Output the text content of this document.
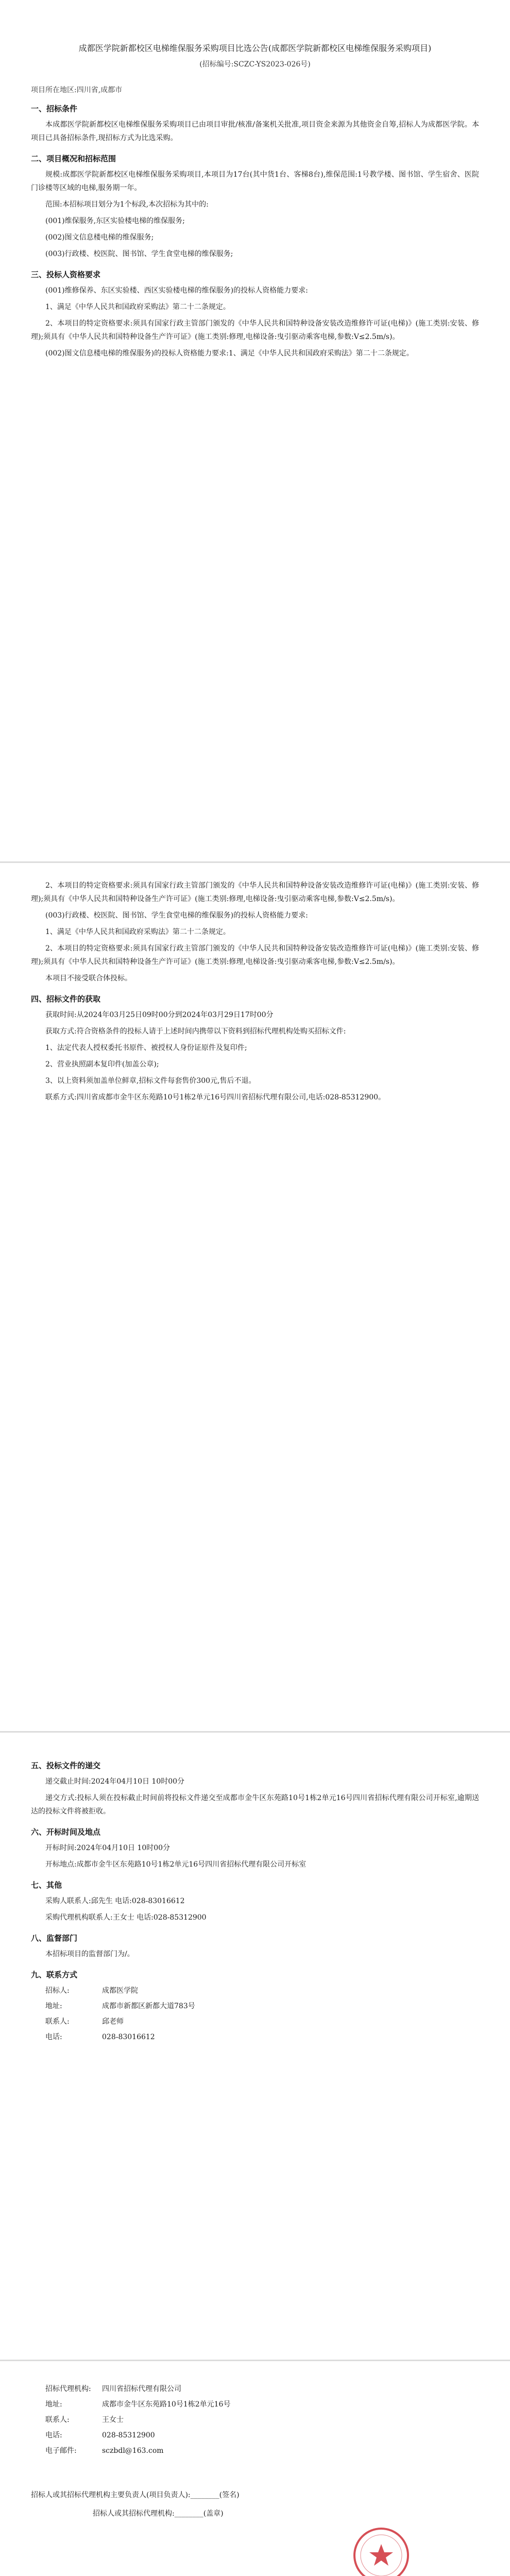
成都医学院新都校区电梯维保服务采购项目比选公告(成都医学院新都校区电梯维保服务采购项目)
(招标编号:SCZC-YS2023-026号)
项目所在地区:四川省,成都市
一、招标条件

本成都医学院新都校区电梯维保服务采购项目已由项目审批/核准/备案机关批准,项目资金来源为其他资金自筹,招标人为成都医学院。本项目已具备招标条件,现招标方式为比选采购。

二、项目概况和招标范围

规模:成都医学院新都校区电梯维保服务采购项目,本项目为17台(其中货1台、客梯8台),维保范围:1号教学楼、图书馆、学生宿舍、医院门诊楼等区域的电梯,服务期一年。

范围:本招标项目划分为1个标段,本次招标为其中的:

(001)维保服务,东区实验楼电梯的维保服务;

(002)图文信息楼电梯的维保服务;

(003)行政楼、校医院、图书馆、学生食堂电梯的维保服务;

三、投标人资格要求

(001)维修保养、东区实验楼、西区实验楼电梯的维保服务)的投标人资格能力要求:

1、满足《中华人民共和国政府采购法》第二十二条规定。

2、本项目的特定资格要求:须具有国家行政主管部门颁发的《中华人民共和国特种设备安装改造维修许可证(电梯)》(施工类别:安装、修理);须具有《中华人民共和国特种设备生产许可证》(施工类别:修理,电梯设备:曳引驱动乘客电梯,参数:V≤2.5m/s)。

(002)图文信息楼电梯的维保服务)的投标人资格能力要求:1、满足《中华人民共和国政府采购法》第二十二条规定。

2、本项目的特定资格要求:须具有国家行政主管部门颁发的《中华人民共和国特种设备安装改造维修许可证(电梯)》(施工类别:安装、修理);须具有《中华人民共和国特种设备生产许可证》(施工类别:修理,电梯设备:曳引驱动乘客电梯,参数:V≤2.5m/s)。

(003)行政楼、校医院、图书馆、学生食堂电梯的维保服务)的投标人资格能力要求:

1、满足《中华人民共和国政府采购法》第二十二条规定。

2、本项目的特定资格要求:须具有国家行政主管部门颁发的《中华人民共和国特种设备安装改造维修许可证(电梯)》(施工类别:安装、修理);须具有《中华人民共和国特种设备生产许可证》(施工类别:修理,电梯设备:曳引驱动乘客电梯,参数:V≤2.5m/s)。

本项目不接受联合体投标。

四、招标文件的获取

获取时间:从2024年03月25日09时00分到2024年03月29日17时00分

获取方式:符合资格条件的投标人请于上述时间内携带以下资料到招标代理机构处购买招标文件:

1、法定代表人授权委托书原件、被授权人身份证原件及复印件;

2、营业执照副本复印件(加盖公章);

3、以上资料须加盖单位鲜章,招标文件每套售价300元,售后不退。

联系方式:四川省成都市金牛区东苑路10号1栋2单元16号四川省招标代理有限公司,电话:028-85312900。

五、投标文件的递交

递交截止时间:2024年04月10日 10时00分

递交方式:投标人须在投标截止时间前将投标文件递交至成都市金牛区东苑路10号1栋2单元16号四川省招标代理有限公司开标室,逾期送达的投标文件将被拒收。

六、开标时间及地点

开标时间:2024年04月10日 10时00分

开标地点:成都市金牛区东苑路10号1栋2单元16号四川省招标代理有限公司开标室

七、其他

采购人联系人:邱先生 电话:028-83016612

采购代理机构联系人:王女士 电话:028-85312900

八、监督部门

本招标项目的监督部门为/。

九、联系方式
招标人:	成都医学院
地址:	成都市新都区新都大道783号
联系人:	邱老师
电话:	028-83016612
招标代理机构: 四川省招标代理有限公司
地址:	成都市金牛区东苑路10号1栋2单元16号
联系人:	王女士
电话:	028-85312900
电子邮件:	sczbdl@163.com

招标人或其招标代理机构主要负责人(项目负责人):________(签名)

招标人或其招标代理机构:________(盖章)
